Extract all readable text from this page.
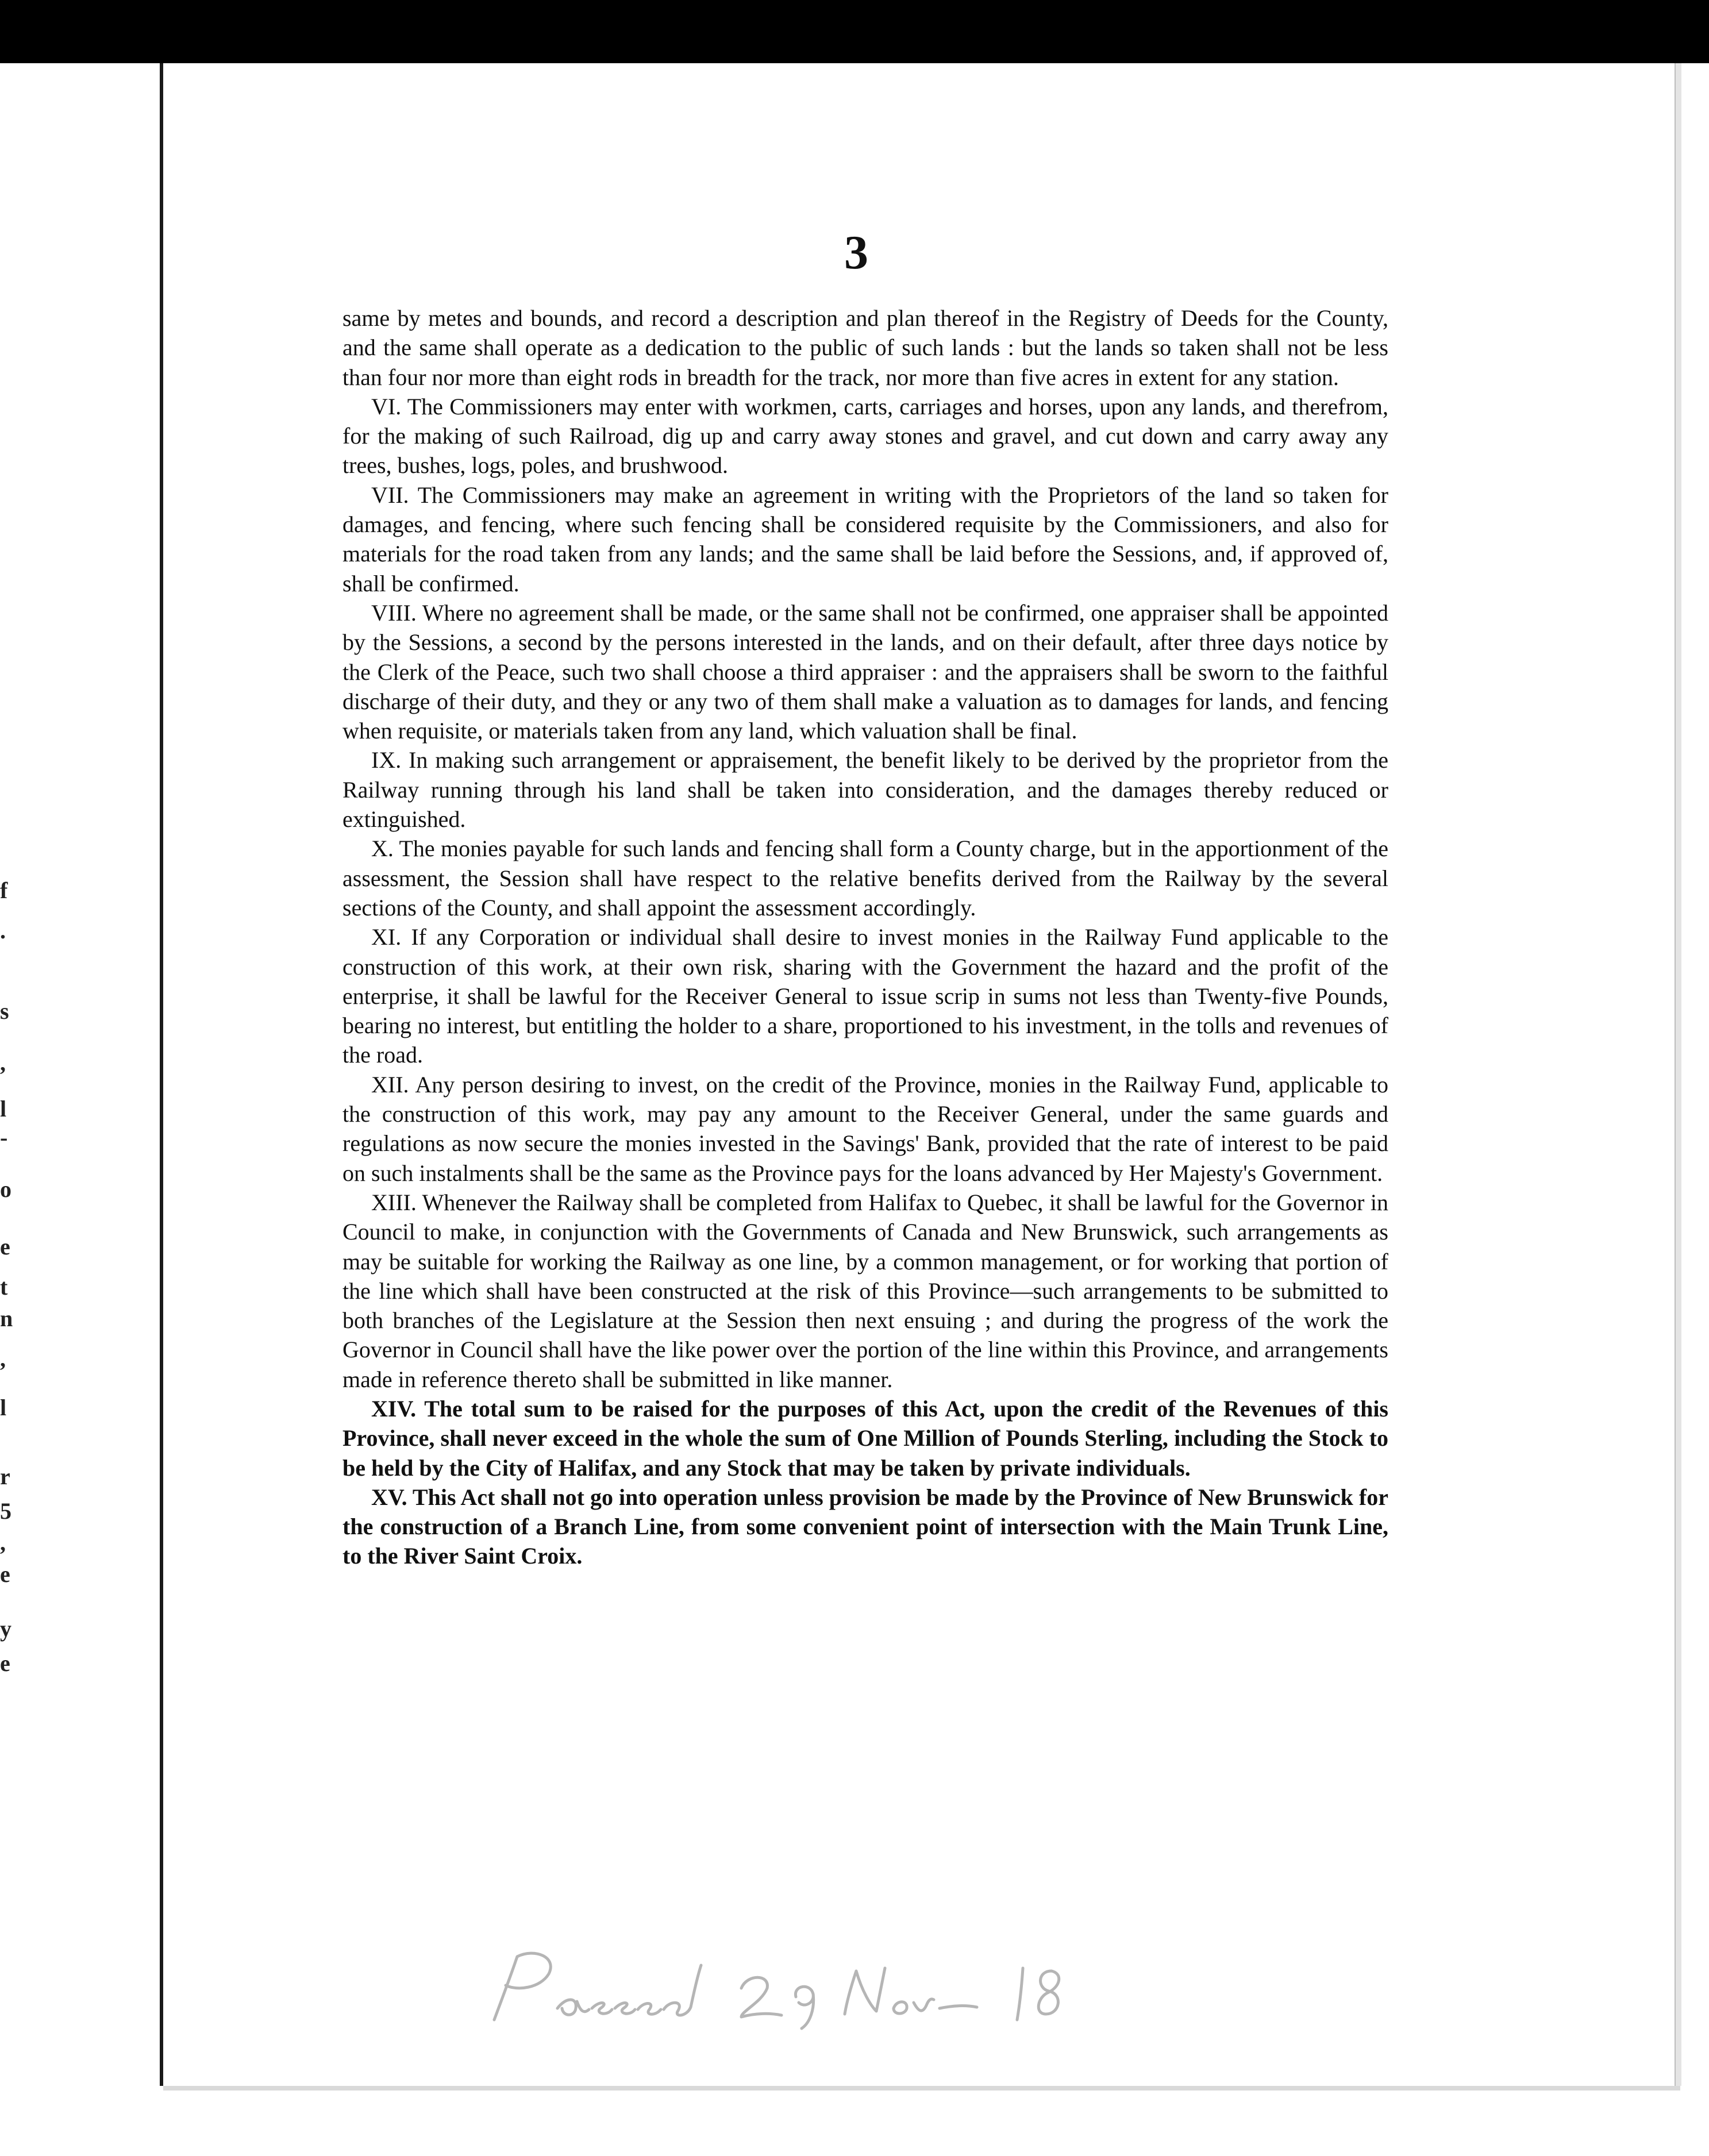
f
.
s
,
l
-
o
e
t
n
,
l
r
5
,
e
y
e
3

same by metes and bounds, and record a description and plan thereof in the Registry of Deeds for the County, and the same shall operate as a dedication to the public of such lands : but the lands so taken shall not be less than four nor more than eight rods in breadth for the track, nor more than five acres in extent for any station.

VI. The Commissioners may enter with workmen, carts, carriages and horses, upon any lands, and therefrom, for the making of such Railroad, dig up and carry away stones and gravel, and cut down and carry away any trees, bushes, logs, poles, and brushwood.

VII. The Commissioners may make an agreement in writing with the Proprietors of the land so taken for damages, and fencing, where such fencing shall be considered requisite by the Commissioners, and also for materials for the road taken from any lands; and the same shall be laid before the Sessions, and, if approved of, shall be confirmed.

VIII. Where no agreement shall be made, or the same shall not be confirmed, one appraiser shall be appointed by the Sessions, a second by the persons interested in the lands, and on their default, after three days notice by the Clerk of the Peace, such two shall choose a third appraiser : and the appraisers shall be sworn to the faithful discharge of their duty, and they or any two of them shall make a valuation as to damages for lands, and fencing when requisite, or materials taken from any land, which valuation shall be final.

IX. In making such arrangement or appraisement, the benefit likely to be derived by the proprietor from the Railway running through his land shall be taken into consideration, and the damages thereby reduced or extinguished.

X. The monies payable for such lands and fencing shall form a County charge, but in the apportionment of the assessment, the Session shall have respect to the relative benefits derived from the Railway by the several sections of the County, and shall appoint the assessment accordingly.

XI. If any Corporation or individual shall desire to invest monies in the Railway Fund applicable to the construction of this work, at their own risk, sharing with the Government the hazard and the profit of the enterprise, it shall be lawful for the Receiver General to issue scrip in sums not less than Twenty-five Pounds, bearing no interest, but entitling the holder to a share, proportioned to his investment, in the tolls and revenues of the road.

XII. Any person desiring to invest, on the credit of the Province, monies in the Railway Fund, applicable to the construction of this work, may pay any amount to the Receiver General, under the same guards and regulations as now secure the monies invested in the Savings' Bank, provided that the rate of interest to be paid on such instalments shall be the same as the Province pays for the loans advanced by Her Majesty's Government.

XIII. Whenever the Railway shall be completed from Halifax to Quebec, it shall be lawful for the Governor in Council to make, in conjunction with the Governments of Canada and New Brunswick, such arrangements as may be suitable for working the Railway as one line, by a common management, or for working that portion of the line which shall have been constructed at the risk of this Province—such arrangements to be submitted to both branches of the Legislature at the Session then next ensuing ; and during the progress of the work the Governor in Council shall have the like power over the portion of the line within this Province, and arrangements made in reference thereto shall be submitted in like manner.

XIV. The total sum to be raised for the purposes of this Act, upon the credit of the Revenues of this Province, shall never exceed in the whole the sum of One Million of Pounds Sterling, including the Stock to be held by the City of Halifax, and any Stock that may be taken by private individuals.

XV. This Act shall not go into operation unless provision be made by the Province of New Brunswick for the construction of a Branch Line, from some convenient point of intersection with the Main Trunk Line, to the River Saint Croix.
